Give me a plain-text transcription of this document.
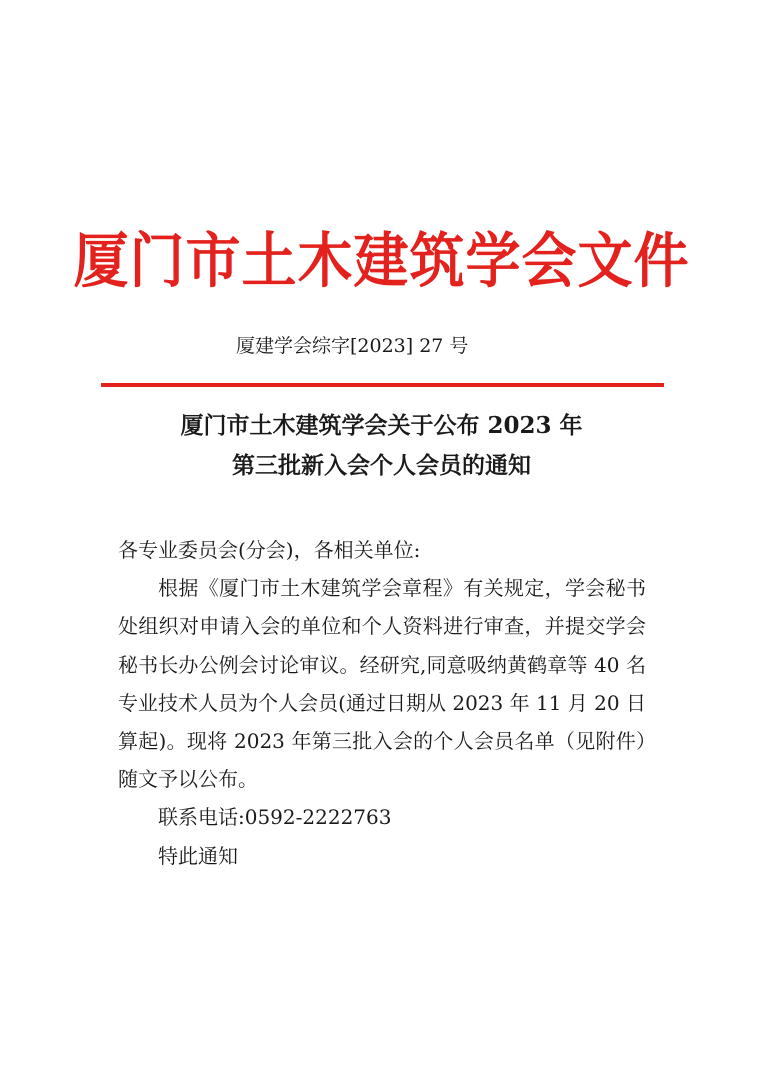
厦门市土木建筑学会文件
厦建学会综字[2023] 27 号
厦门市土木建筑学会关于公布 2023 年
第三批新入会个人会员的通知

各专业委员会(分会)，各相关单位:

根据《厦门市土木建筑学会章程》有关规定，学会秘书处组织对申请入会的单位和个人资料进行审查，并提交学会秘书长办公例会讨论审议。经研究,同意吸纳黄鹤章等 40 名专业技术人员为个人会员(通过日期从 2023 年 11 月 20 日算起)。现将 2023 年第三批入会的个人会员名单（见附件）随文予以公布。

联系电话:0592-2222763

特此通知
